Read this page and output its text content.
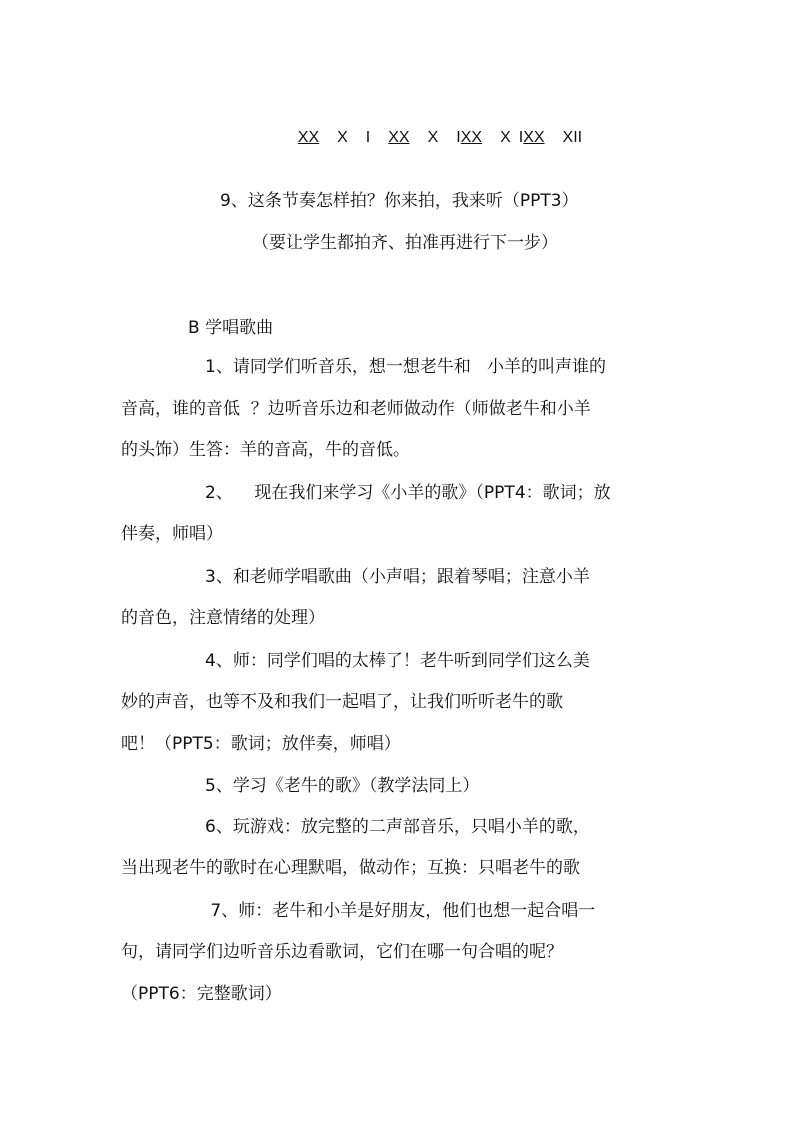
XX X I XX X IXX X IXX XII

9、这条节奏怎样拍？你来拍，我来听（PPT3）
（要让学生都拍齐、拍准再进行下一步）
B 学唱歌曲
1、请同学们听音乐，想一想老牛和   小羊的叫声谁的
音高，谁的音低  ？边听音乐边和老师做动作（师做老牛和小羊
的头饰）生答：羊的音高，牛的音低。
2、    现在我们来学习《小羊的歌》（PPT4：歌词；放
伴奏，师唱）
3、和老师学唱歌曲（小声唱；跟着琴唱；注意小羊
的音色，注意情绪的处理）
4、师：同学们唱的太棒了！老牛听到同学们这么美
妙的声音，也等不及和我们一起唱了，让我们听听老牛的歌
吧！（PPT5：歌词；放伴奏，师唱）
5、学习《老牛的歌》（教学法同上）
6、玩游戏：放完整的二声部音乐，只唱小羊的歌，
当出现老牛的歌时在心理默唱，做动作；互换：只唱老牛的歌
7、师：老牛和小羊是好朋友，他们也想一起合唱一
句，请同学们边听音乐边看歌词，它们在哪一句合唱的呢？
（PPT6：完整歌词）
